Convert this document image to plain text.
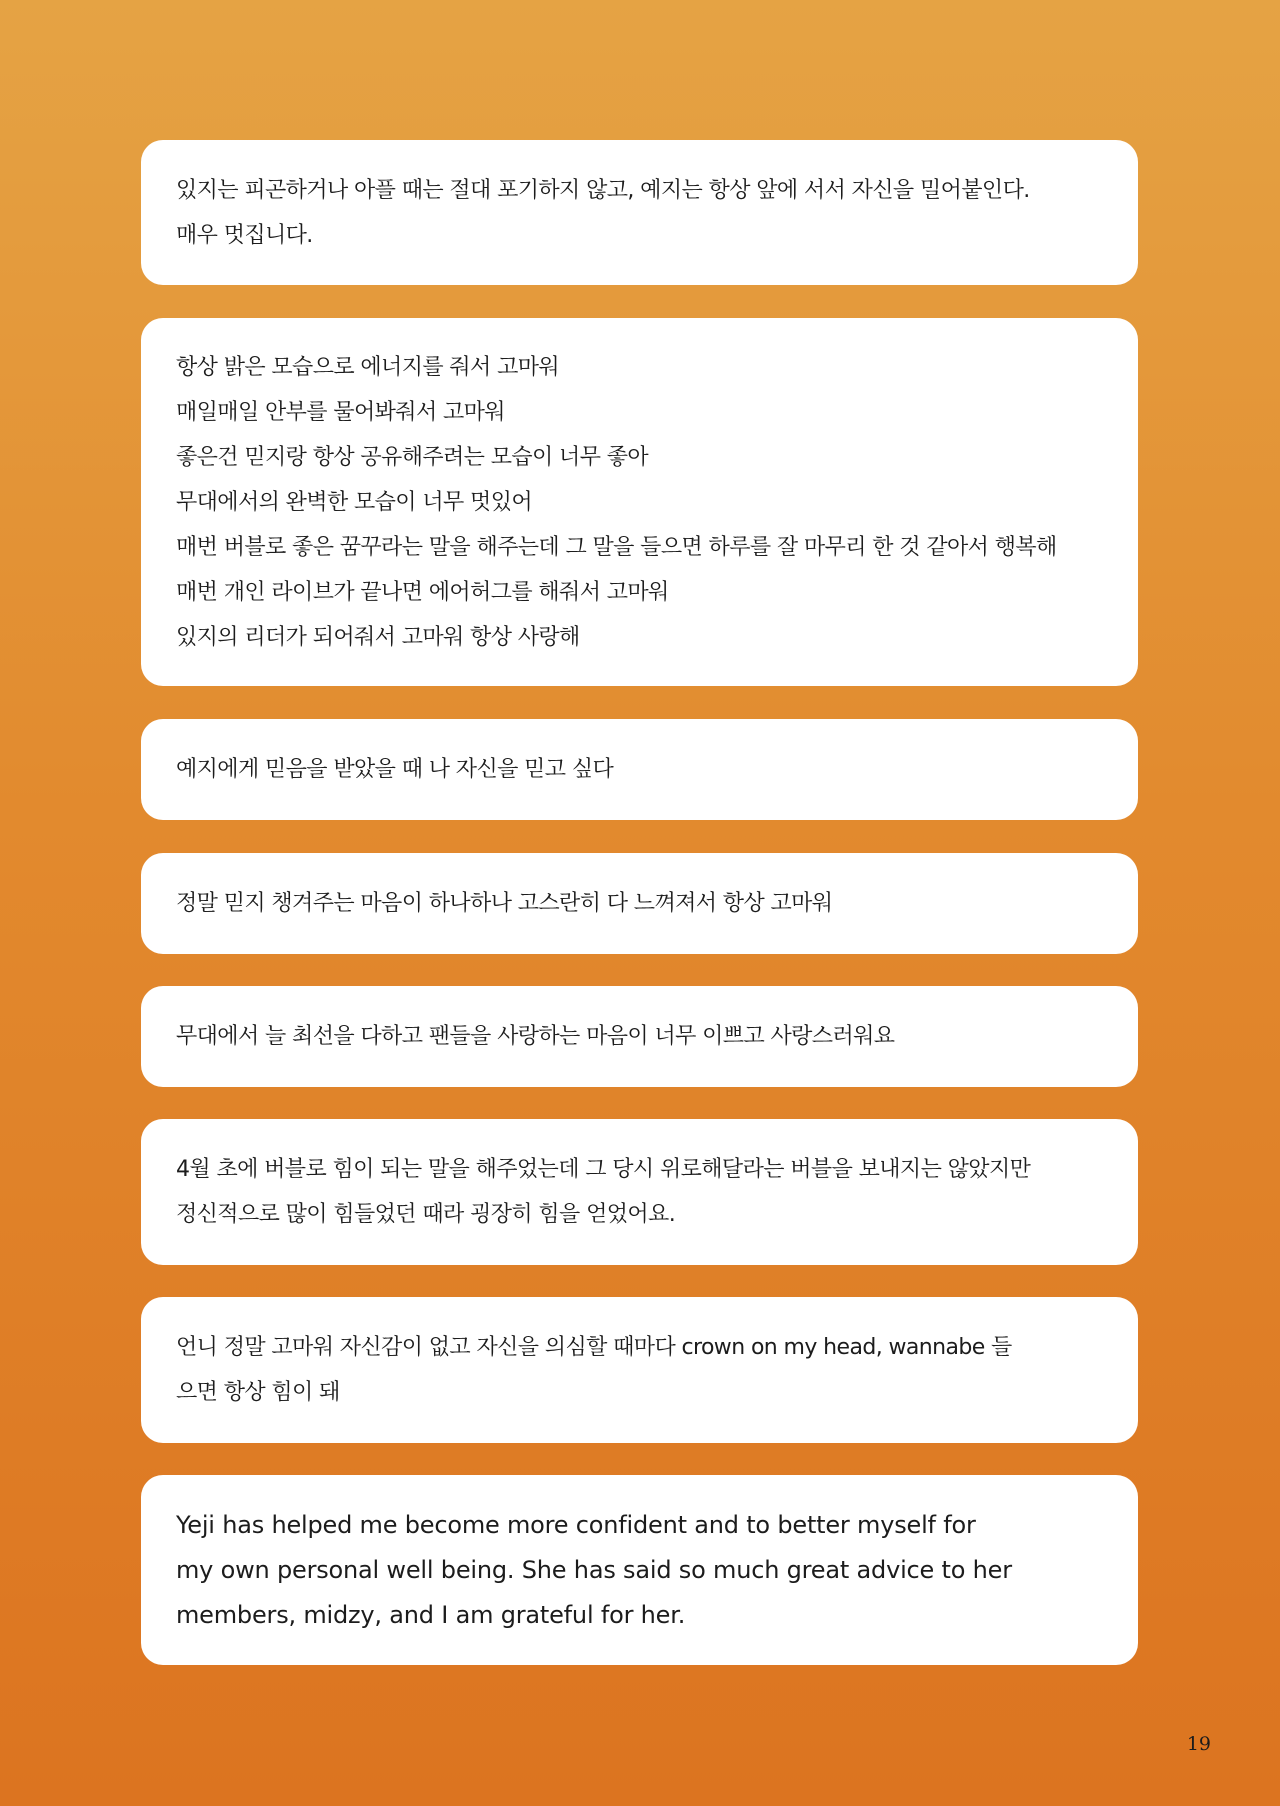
있지는 피곤하거나 아플 때는 절대 포기하지 않고, 예지는 항상 앞에 서서 자신을 밀어붙인다.
매우 멋집니다.
항상 밝은 모습으로 에너지를 줘서 고마워
매일매일 안부를 물어봐줘서 고마워
좋은건 믿지랑 항상 공유해주려는 모습이 너무 좋아
무대에서의 완벽한 모습이 너무 멋있어
매번 버블로 좋은 꿈꾸라는 말을 해주는데 그 말을 들으면 하루를 잘 마무리 한 것 같아서 행복해
매번 개인 라이브가 끝나면 에어허그를 해줘서 고마워
있지의 리더가 되어줘서 고마워 항상 사랑해
예지에게 믿음을 받았을 때 나 자신을 믿고 싶다
정말 믿지 챙겨주는 마음이 하나하나 고스란히 다 느껴져서 항상 고마워
무대에서 늘 최선을 다하고 팬들을 사랑하는 마음이 너무 이쁘고 사랑스러워요
4월 초에 버블로 힘이 되는 말을 해주었는데 그 당시 위로해달라는 버블을 보내지는 않았지만
정신적으로 많이 힘들었던 때라 굉장히 힘을 얻었어요.
언니 정말 고마워 자신감이 없고 자신을 의심할 때마다 crown on my head, wannabe 들
으면 항상 힘이 돼
Yeji has helped me become more confident and to better myself for
my own personal well being. She has said so much great advice to her
members, midzy, and I am grateful for her.
19
